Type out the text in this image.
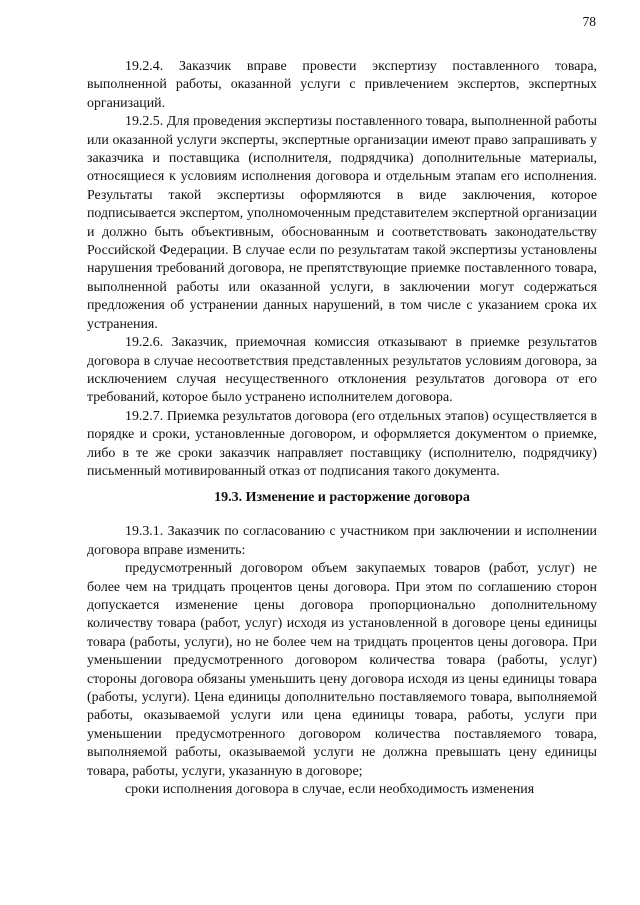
78

19.2.4. Заказчик вправе провести экспертизу поставленного товара, выполненной работы, оказанной услуги с привлечением экспертов, экспертных организаций.

19.2.5. Для проведения экспертизы поставленного товара, выполненной работы или оказанной услуги эксперты, экспертные организации имеют право запрашивать у заказчика и поставщика (исполнителя, подрядчика) дополнительные материалы, относящиеся к условиям исполнения договора и отдельным этапам его исполнения. Результаты такой экспертизы оформляются в виде заключения, которое подписывается экспертом, уполномоченным представителем экспертной организации и должно быть объективным, обоснованным и соответствовать законодательству Российской Федерации. В случае если по результатам такой экспертизы установлены нарушения требований договора, не препятствующие приемке поставленного товара, выполненной работы или оказанной услуги, в заключении могут содержаться предложения об устранении данных нарушений, в том числе с указанием срока их устранения.

19.2.6. Заказчик, приемочная комиссия отказывают в приемке результатов договора в случае несоответствия представленных результатов условиям договора, за исключением случая несущественного отклонения результатов договора от его требований, которое было устранено исполнителем договора.

19.2.7. Приемка результатов договора (его отдельных этапов) осуществляется в порядке и сроки, установленные договором, и оформляется документом о приемке, либо в те же сроки заказчик направляет поставщику (исполнителю, подрядчику) письменный мотивированный отказ от подписания такого документа.

19.3. Изменение и расторжение договора

19.3.1. Заказчик по согласованию с участником при заключении и исполнении договора вправе изменить:

предусмотренный договором объем закупаемых товаров (работ, услуг) не более чем на тридцать процентов цены договора. При этом по соглашению сторон допускается изменение цены договора пропорционально дополнительному количеству товара (работ, услуг) исходя из установленной в договоре цены единицы товара (работы, услуги), но не более чем на тридцать процентов цены договора. При уменьшении предусмотренного договором количества товара (работы, услуг) стороны договора обязаны уменьшить цену договора исходя из цены единицы товара (работы, услуги). Цена единицы дополнительно поставляемого товара, выполняемой работы, оказываемой услуги или цена единицы товара, работы, услуги при уменьшении предусмотренного договором количества поставляемого товара, выполняемой работы, оказываемой услуги не должна превышать цену единицы товара, работы, услуги, указанную в договоре;

сроки исполнения договора в случае, если необходимость изменения
